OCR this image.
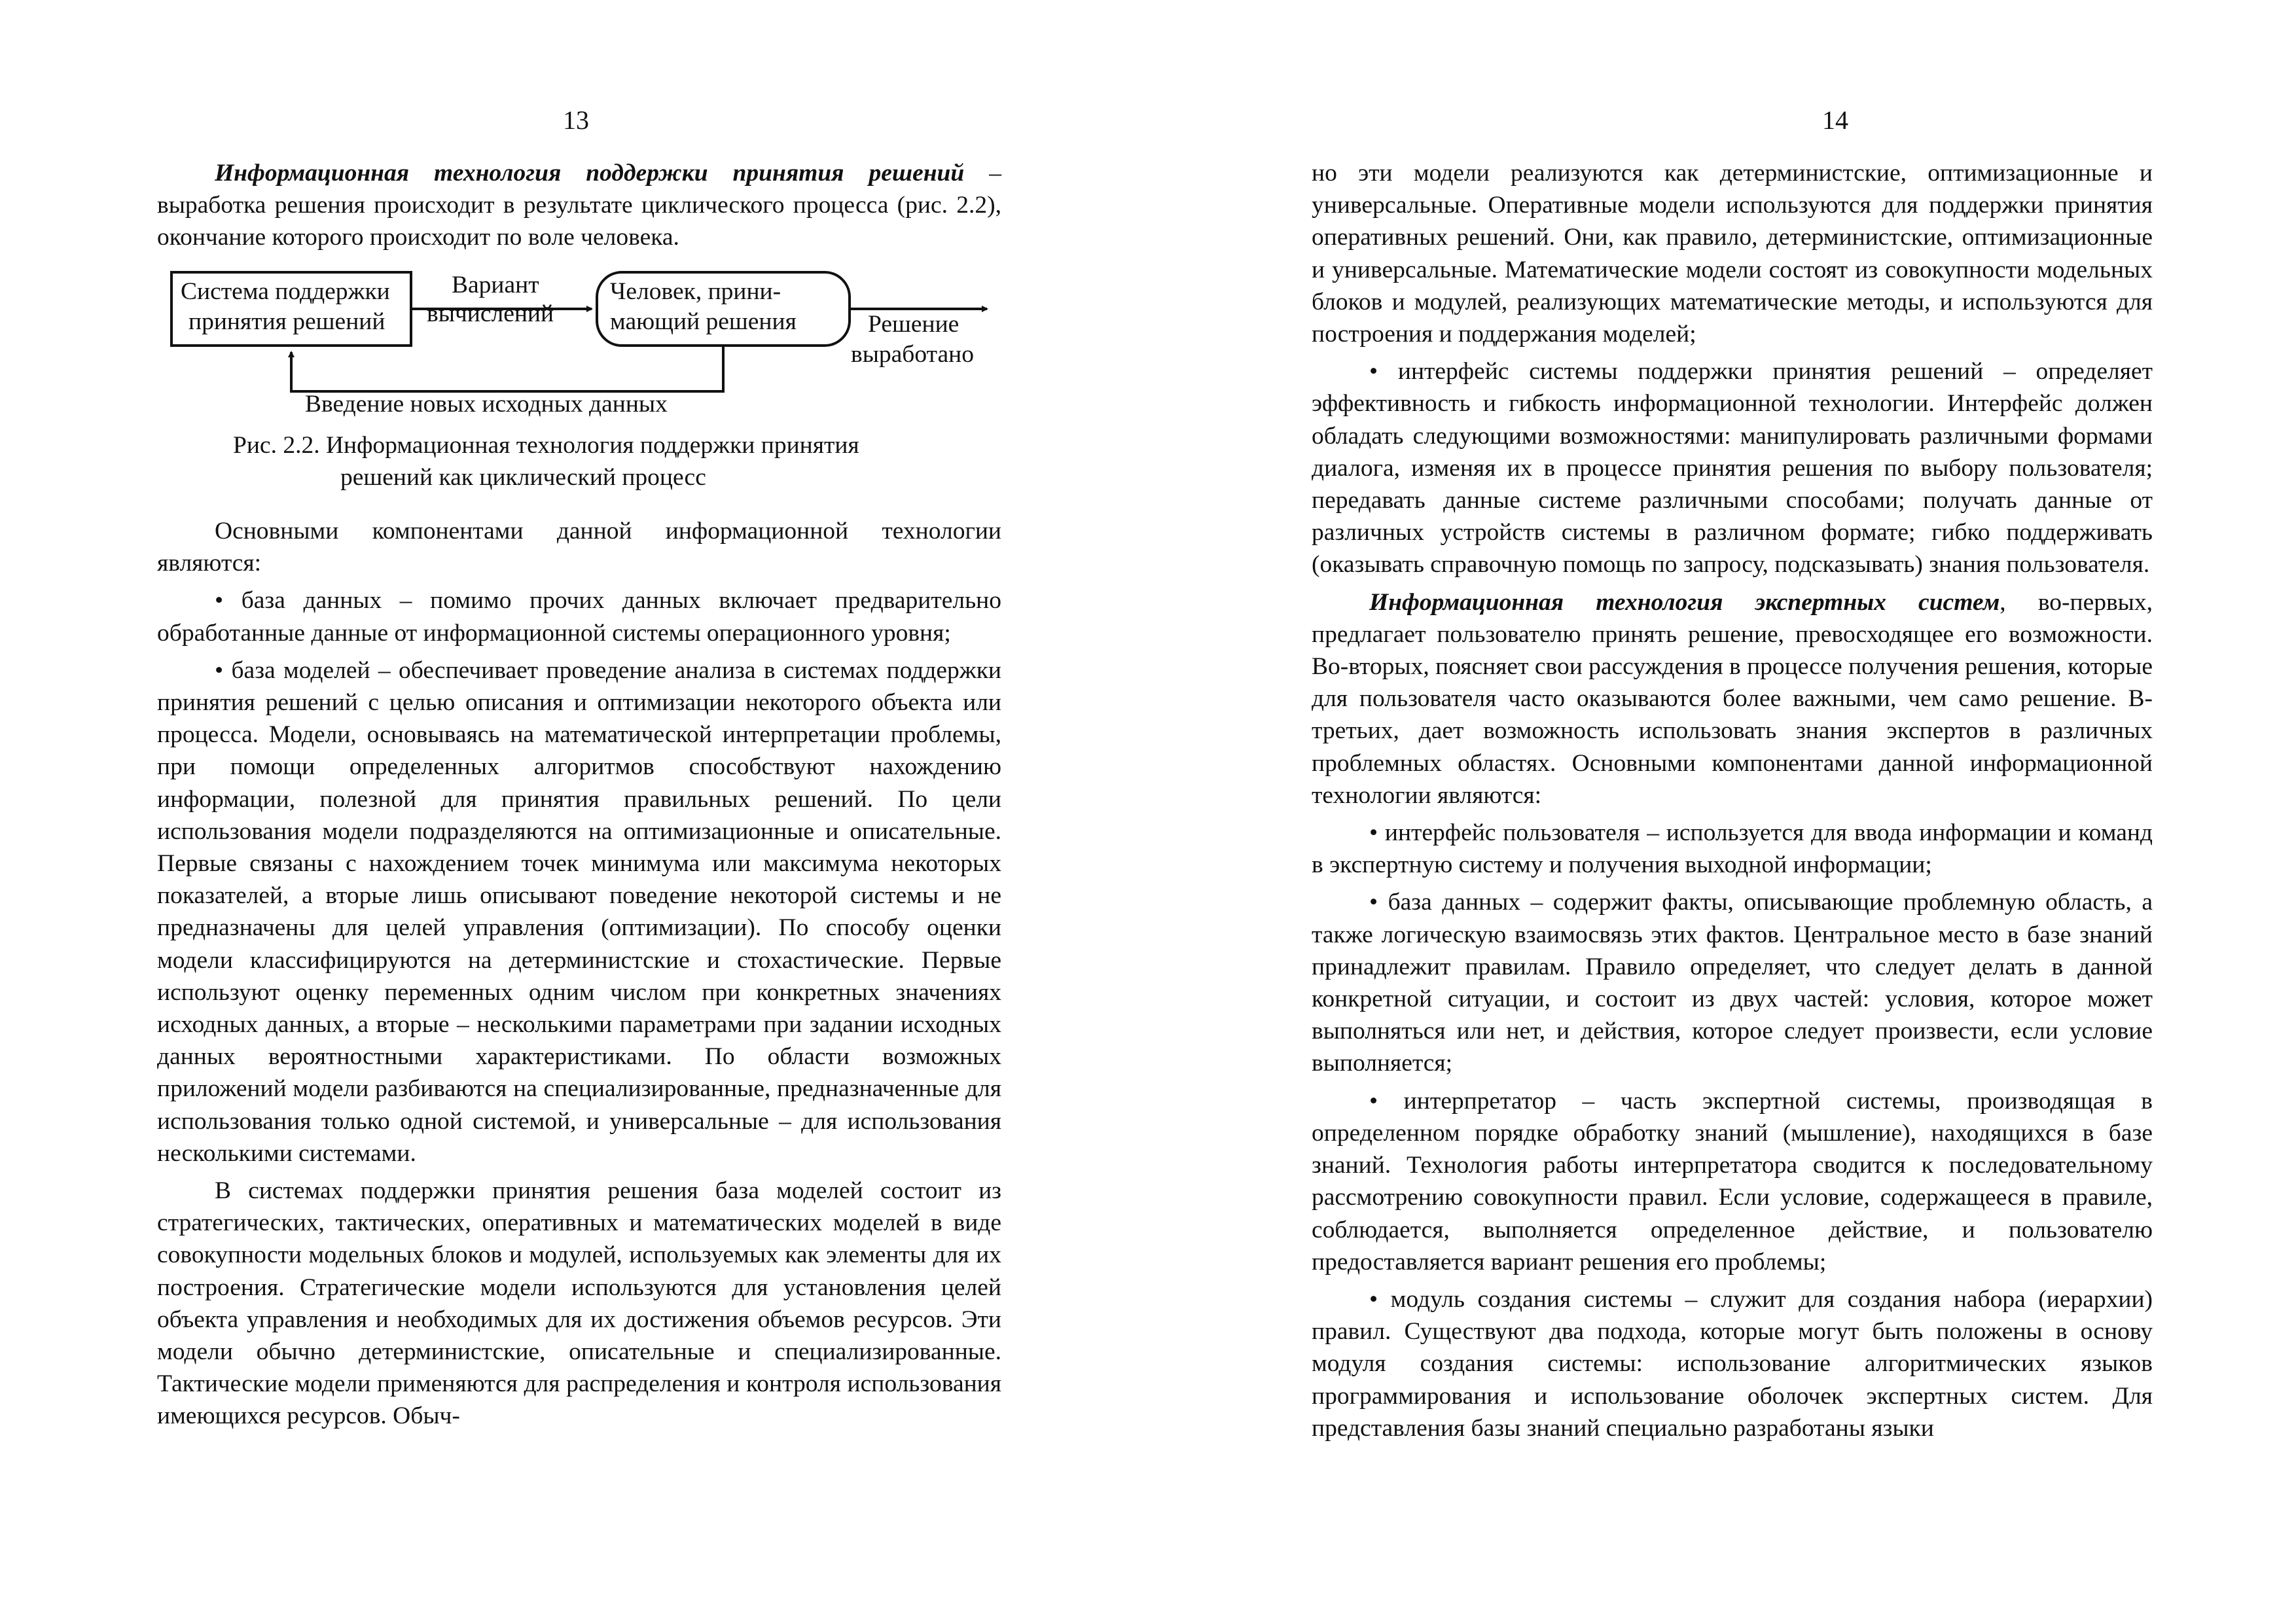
13

Информационная технология поддержки принятия решений – выработка решения происходит в результате циклического процесса (рис. 2.2), окончание которого происходит по воле человека.

Система поддержки
принятия решений
Вариант
вычислений
Человек, прини-
мающий решения	Решение
выработано
Введение новых исходных данных
Рис. 2.2. Информационная технология поддержки принятия
решений как циклический процесс

Основными компонентами данной информационной технологии являются:

• база данных – помимо прочих данных включает предварительно обработанные данные от информационной системы операционного уровня;

• база моделей – обеспечивает проведение анализа в системах поддержки принятия решений с целью описания и оптимизации некоторого объекта или процесса. Модели, основываясь на математической интерпретации проблемы, при помощи определенных алгоритмов способствуют нахождению информации, полезной для принятия правильных решений. По цели использования модели подразделяются на оптимизационные и описательные. Первые связаны с нахождением точек минимума или максимума некоторых показателей, а вторые лишь описывают поведение некоторой системы и не предназначены для целей управления (оптимизации). По способу оценки модели классифицируются на детерминистские и стохастические. Первые используют оценку переменных одним числом при конкретных значениях исходных данных, а вторые – несколькими параметрами при задании исходных данных вероятностными характеристиками. По области возможных приложений модели разбиваются на специализированные, предназначенные для использования только одной системой, и универсальные – для использования несколькими системами.

В системах поддержки принятия решения база моделей состоит из стратегических, тактических, оперативных и математических моделей в виде совокупности модельных блоков и модулей, используемых как элементы для их построения. Стратегические модели используются для установления целей объекта управления и необходимых для их достижения объемов ресурсов. Эти модели обычно детерминистские, описательные и специализированные. Тактические модели применяются для распределения и контроля использования имеющихся ресурсов. Обыч-

14

но эти модели реализуются как детерминистские, оптимизационные и универсальные. Оперативные модели используются для поддержки принятия оперативных решений. Они, как правило, детерминистские, оптимизационные и универсальные. Математические модели состоят из совокупности модельных блоков и модулей, реализующих математические методы, и используются для построения и поддержания моделей;

• интерфейс системы поддержки принятия решений – определяет эффективность и гибкость информационной технологии. Интерфейс должен обладать следующими возможностями: манипулировать различными формами диалога, изменяя их в процессе принятия решения по выбору пользователя; передавать данные системе различными способами; получать данные от различных устройств системы в различном формате; гибко поддерживать (оказывать справочную помощь по запросу, подсказывать) знания пользователя.

Информационная технология экспертных систем, во-первых, предлагает пользователю принять решение, превосходящее его возможности. Во-вторых, поясняет свои рассуждения в процессе получения решения, которые для пользователя часто оказываются более важными, чем само решение. В-третьих, дает возможность использовать знания экспертов в различных проблемных областях. Основными компонентами данной информационной технологии являются:

• интерфейс пользователя – используется для ввода информации и команд в экспертную систему и получения выходной информации;

• база данных – содержит факты, описывающие проблемную область, а также логическую взаимосвязь этих фактов. Центральное место в базе знаний принадлежит правилам. Правило определяет, что следует делать в данной конкретной ситуации, и состоит из двух частей: условия, которое может выполняться или нет, и действия, которое следует произвести, если условие выполняется;

• интерпретатор – часть экспертной системы, производящая в определенном порядке обработку знаний (мышление), находящихся в базе знаний. Технология работы интерпретатора сводится к последовательному рассмотрению совокупности правил. Если условие, содержащееся в правиле, соблюдается, выполняется определенное действие, и пользователю предоставляется вариант решения его проблемы;

• модуль создания системы – служит для создания набора (иерархии) правил. Существуют два подхода, которые могут быть положены в основу модуля создания системы: использование алгоритмических языков программирования и использование оболочек экспертных систем. Для представления базы знаний специально разработаны языки
